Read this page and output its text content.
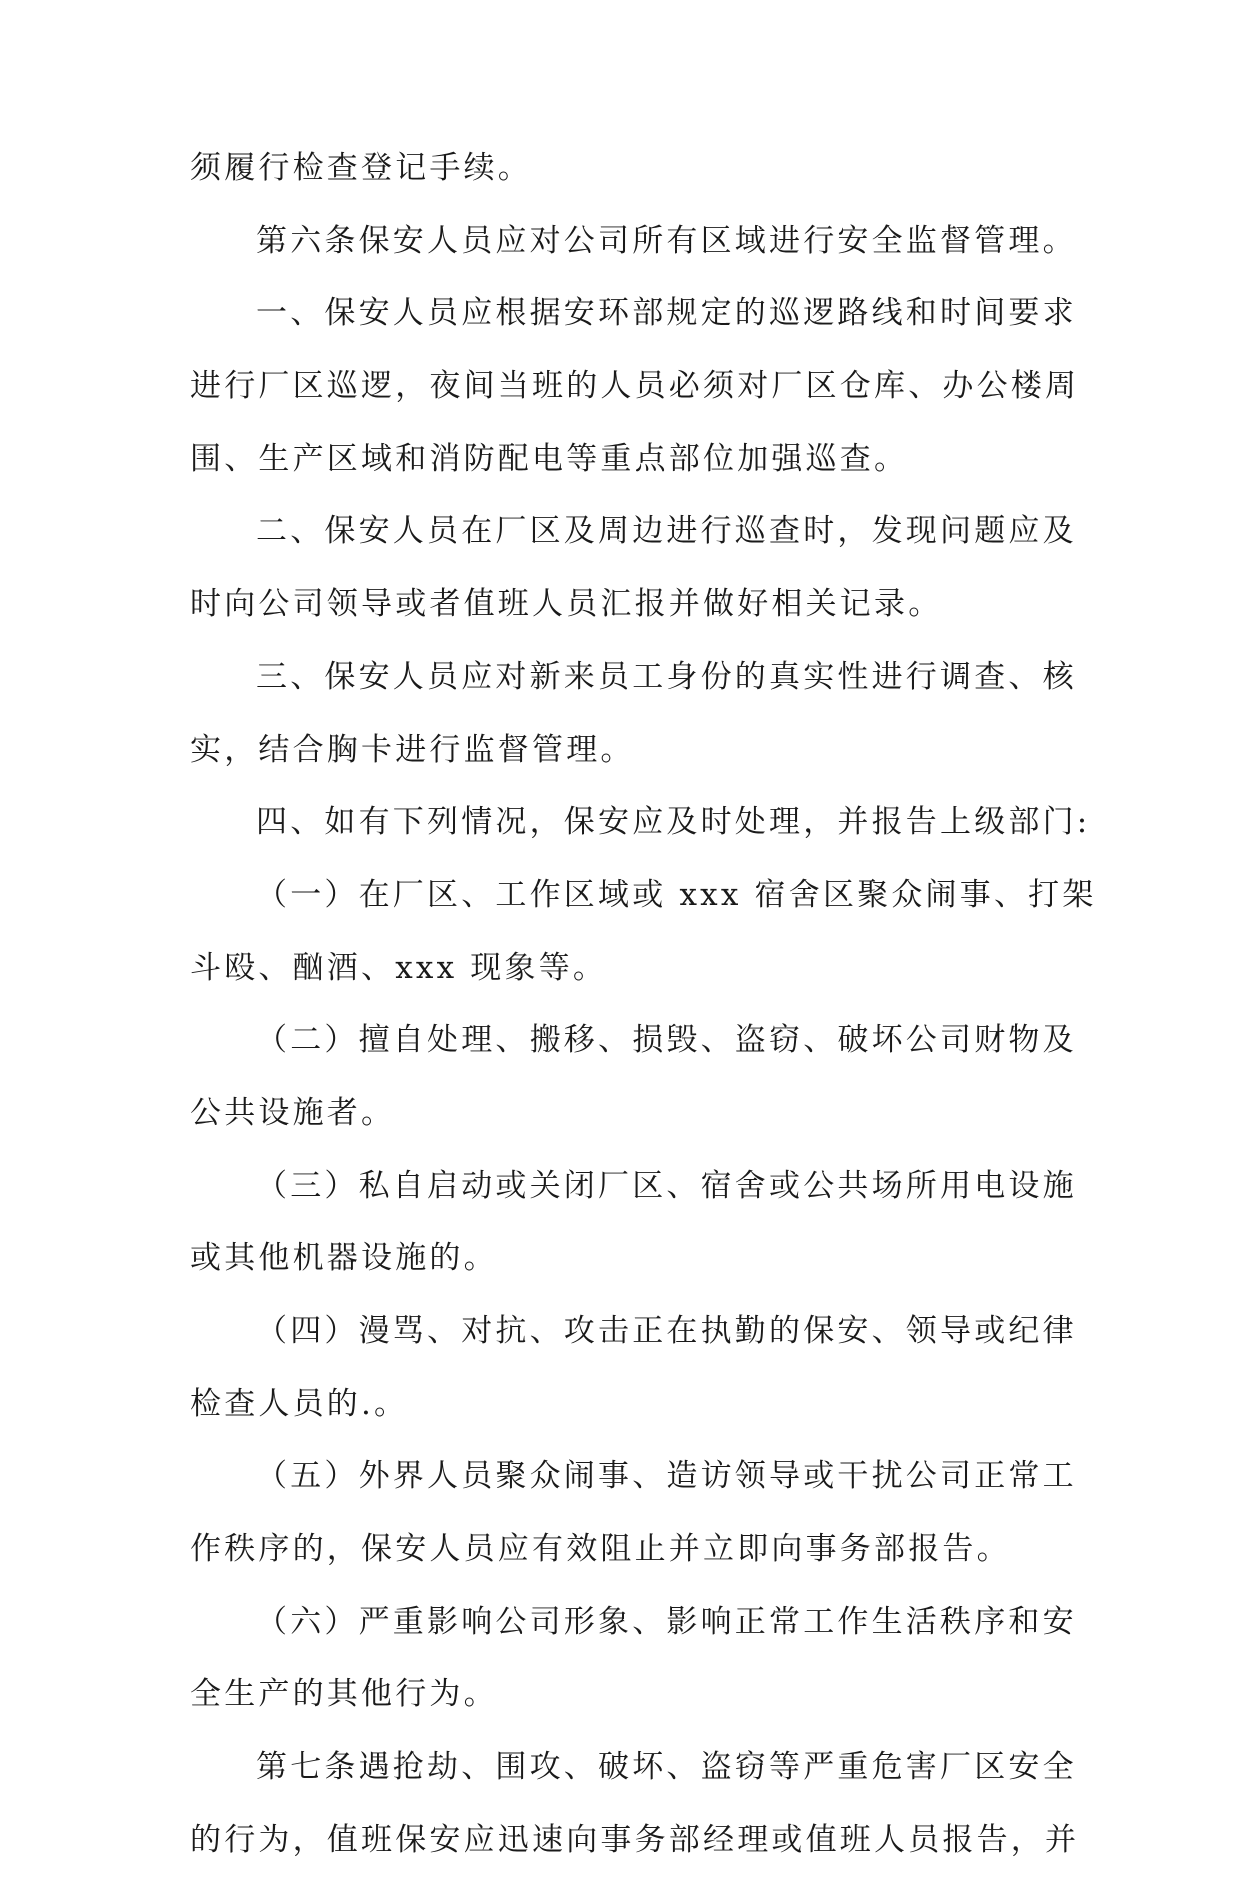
须履行检查登记手续。
第六条保安人员应对公司所有区域进行安全监督管理。
一、保安人员应根据安环部规定的巡逻路线和时间要求
进行厂区巡逻，夜间当班的人员必须对厂区仓库、办公楼周
围、生产区域和消防配电等重点部位加强巡查。
二、保安人员在厂区及周边进行巡查时，发现问题应及
时向公司领导或者值班人员汇报并做好相关记录。
三、保安人员应对新来员工身份的真实性进行调查、核
实，结合胸卡进行监督管理。
四、如有下列情况，保安应及时处理，并报告上级部门:
（一）在厂区、工作区域或 xxx 宿舍区聚众闹事、打架
斗殴、酗酒、xxx 现象等。
（二）擅自处理、搬移、损毁、盗窃、破坏公司财物及
公共设施者。
（三）私自启动或关闭厂区、宿舍或公共场所用电设施
或其他机器设施的。
（四）漫骂、对抗、攻击正在执勤的保安、领导或纪律
检查人员的.。
（五）外界人员聚众闹事、造访领导或干扰公司正常工
作秩序的，保安人员应有效阻止并立即向事务部报告。
（六）严重影响公司形象、影响正常工作生活秩序和安
全生产的其他行为。
第七条遇抢劫、围攻、破坏、盗窃等严重危害厂区安全
的行为，值班保安应迅速向事务部经理或值班人员报告，并
